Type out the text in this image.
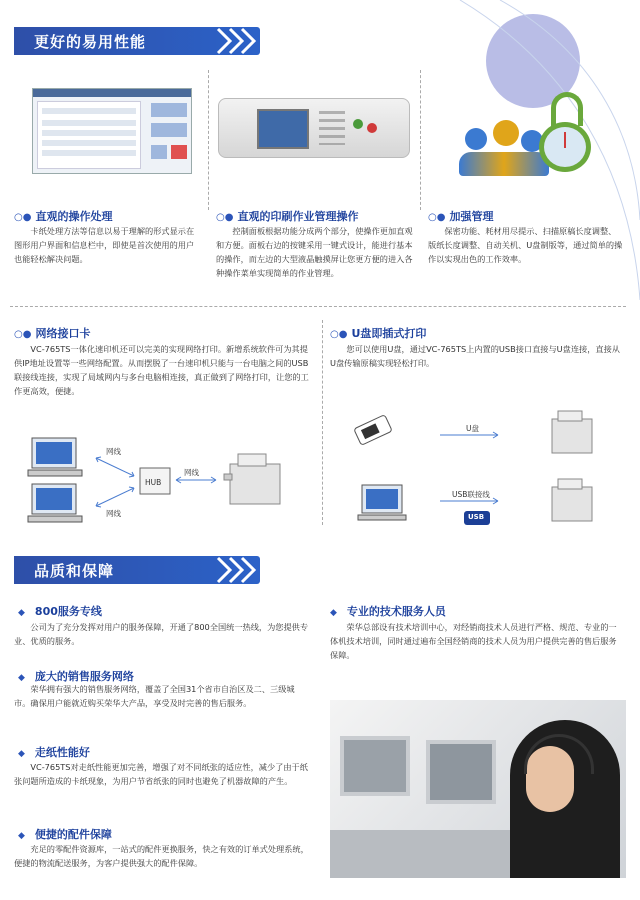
更好的易用性能
○● 直观的操作处理
卡纸处理方法等信息以易于理解的形式显示在图形用户界面和信息栏中，即使是首次使用的用户也能轻松解决问题。
○● 直观的印刷作业管理操作
控制面板根据功能分成两个部分，使操作更加直观和方便。面板右边的按键采用一键式设计，能进行基本的操作，而左边的大型液晶触摸屏让您更方便的进入各种操作菜单实现简单的作业管理。
○● 加强管理
保密功能、耗材用尽提示、扫描原稿长度调整、版纸长度调整、自动关机、U盘制版等，通过简单的操作以实现出色的工作效率。
○● 网络接口卡
VC-765TS一体化速印机还可以完美的实现网络打印。新增系统软件可为其提供IP地址设置等一些网络配置。从而摆脱了一台速印机只能与一台电脑之间的USB联接线连接，实现了局域网内与多台电脑相连接，真正做到了网络打印，让您的工作更高效，便捷。
网线
网线
网线
HUB
○● U盘即插式打印
您可以使用U盘，通过VC-765TS上内置的USB接口直接与U盘连接，直接从U盘传输原稿实现轻松打印。
U盘
USB联接线
USB
品质和保障
◆ 800服务专线
公司为了充分发挥对用户的服务保障，开通了800全国统一热线，为您提供专业、优质的服务。
◆ 庞大的销售服务网络
荣华拥有强大的销售服务网络，覆盖了全国31个省市自治区及二、三级城市。确保用户能就近购买荣华大产品，享受及时完善的售后服务。
◆ 走纸性能好
VC-765TS对走纸性能更加完善，增强了对不同纸张的适应性，减少了由于纸张问题所造成的卡纸现象，为用户节省纸张的同时也避免了机器故障的产生。
◆ 便捷的配件保障
充足的零配件资源库，一站式的配件更换服务，快之有效的订单式处理系统，便捷的物流配送服务，为客户提供强大的配件保障。
◆ 专业的技术服务人员
荣华总部设有技术培训中心，对经销商技术人员进行严格、规范、专业的一体机技术培训，同时通过遍布全国经销商的技术人员为用户提供完善的售后服务保障。
